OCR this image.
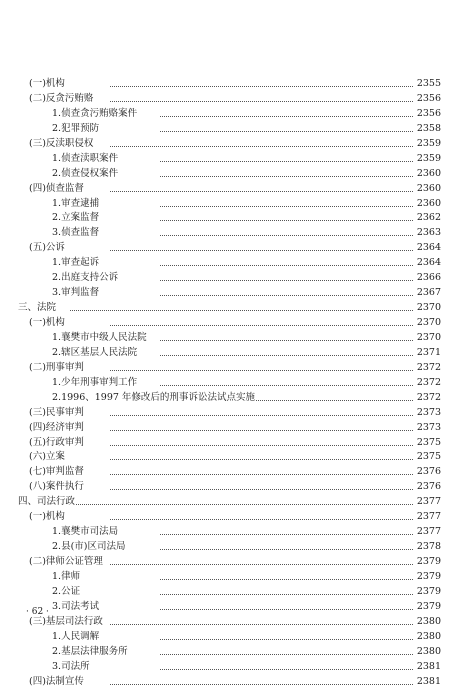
(一)机构	2355
(二)反贪污贿赂	2356
1.侦查贪污贿赂案件	2356
2.犯罪预防	2358
(三)反渎职侵权	2359
1.侦查渎职案件	2359
2.侦查侵权案件	2360
(四)侦查监督	2360
1.审查逮捕	2360
2.立案监督	2362
3.侦查监督	2363
(五)公诉	2364
1.审查起诉	2364
2.出庭支持公诉	2366
3.审判监督	2367
三、法院	2370
(一)机构	2370
1.襄樊市中级人民法院	2370
2.辖区基层人民法院	2371
(二)刑事审判	2372
1.少年刑事审判工作	2372
2.1996、1997 年修改后的刑事诉讼法试点实施	2372
(三)民事审判	2373
(四)经济审判	2373
(五)行政审判	2375
(六)立案	2375
(七)审判监督	2376
(八)案件执行	2376
四、司法行政	2377
(一)机构	2377
1.襄樊市司法局	2377
2.县(市)区司法局	2378
(二)律师公证管理	2379
1.律师	2379
2.公证	2379
3.司法考试	2379
(三)基层司法行政	2380
1.人民调解	2380
2.基层法律服务所	2380
3.司法所	2381
(四)法制宣传	2381
· 62 ·
